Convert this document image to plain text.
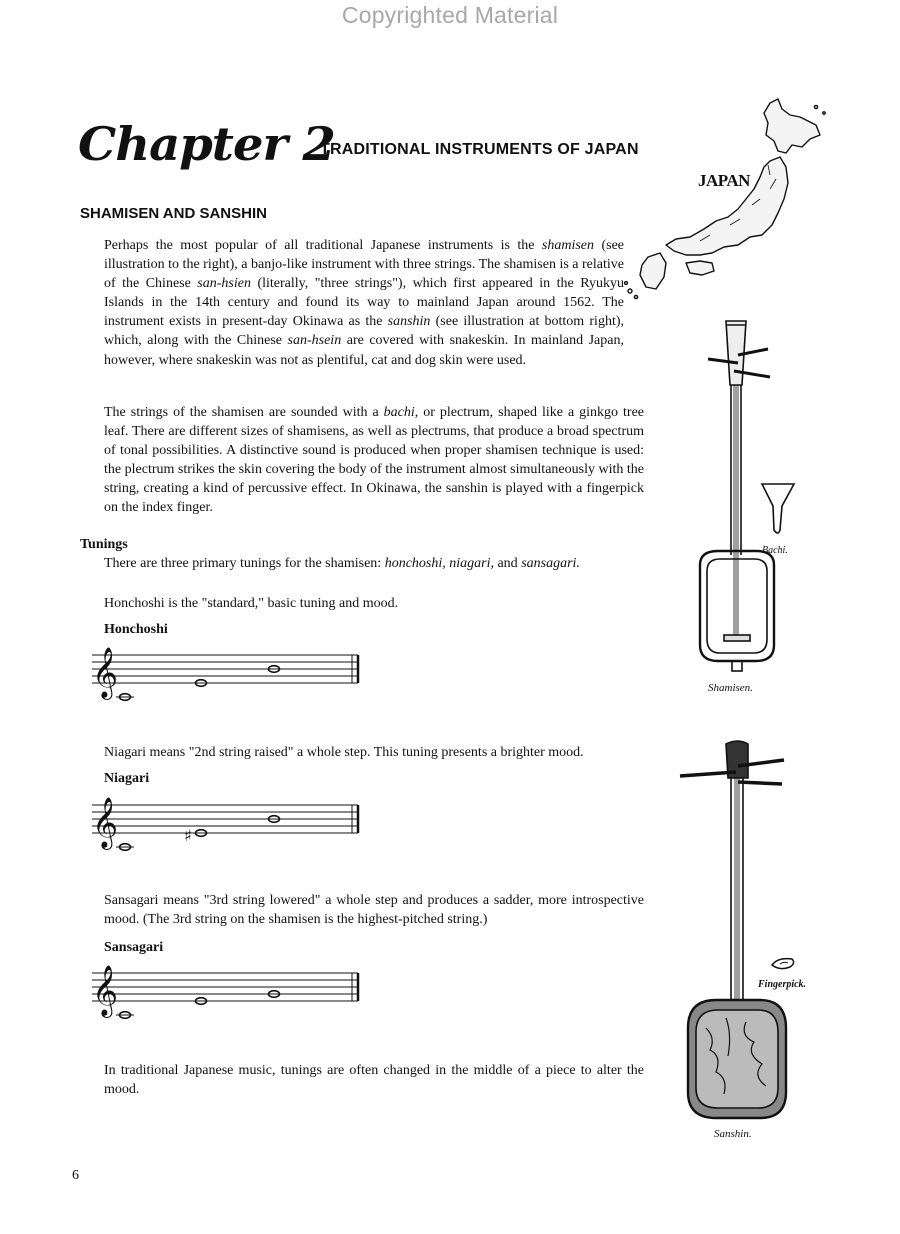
Copyrighted Material
Chapter 2
TRADITIONAL INSTRUMENTS OF JAPAN
JAPAN
SHAMISEN AND SANSHIN
Perhaps the most popular of all traditional Japanese instruments is the shamisen (see illustration to the right), a banjo-like instrument with three strings. The shamisen is a relative of the Chinese san-hsien (literally, "three strings"), which first appeared in the Ryukyu Islands in the 14th century and found its way to mainland Japan around 1562. The instrument exists in present-day Okinawa as the sanshin (see illustration at bottom right), which, along with the Chinese san-hsein are covered with snakeskin. In mainland Japan, however, where snakeskin was not as plentiful, cat and dog skin were used.
The strings of the shamisen are sounded with a bachi, or plectrum, shaped like a ginkgo tree leaf. There are different sizes of shamisens, as well as plectrums, that produce a broad spectrum of tonal possibilities. A distinctive sound is produced when proper shamisen technique is used: the plectrum strikes the skin covering the body of the instrument almost simultaneously with the string, creating a kind of percussive effect. In Okinawa, the sanshin is played with a fingerpick on the index finger.
Tunings
There are three primary tunings for the shamisen: honchoshi, niagari, and sansagari.
Honchoshi is the "standard," basic tuning and mood.
Honchoshi
𝄞
Niagari means "2nd string raised" a whole step. This tuning presents a brighter mood.
Niagari
𝄞	♯
Sansagari means "3rd string lowered" a whole step and produces a sadder, more introspective mood. (The 3rd string on the shamisen is the highest-pitched string.)
Sansagari
𝄞
In traditional Japanese music, tunings are often changed in the middle of a piece to alter the mood.
Bachi.
Shamisen.
Fingerpick.
Sanshin.
6
